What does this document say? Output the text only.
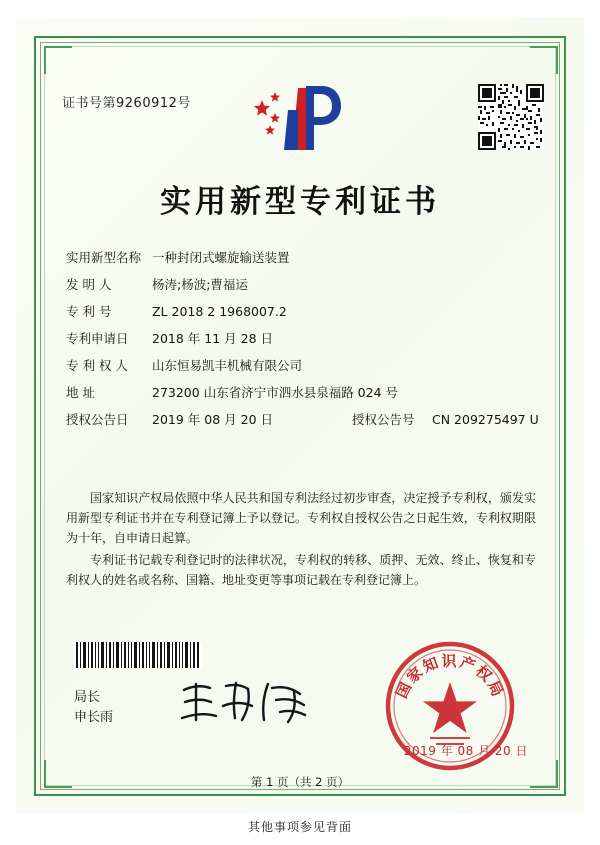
证书号第9260912号
实用新型专利证书
实用新型名称 一种封闭式螺旋输送装置
发 明 人	杨涛;杨波;曹福运
专 利 号	ZL 2018 2 1968007.2
专利申请日	2018 年 11 月 28 日
专 利 权 人	山东恒易凯丰机械有限公司
地 址	273200 山东省济宁市泗水县泉福路 024 号
授权公告日	2019 年 08 月 20 日	授权公告号	CN 209275497 U

国家知识产权局依照中华人民共和国专利法经过初步审查，决定授予专利权，颁发实用新型专利证书并在专利登记簿上予以登记。专利权自授权公告之日起生效，专利权期限为十年，自申请日起算。

专利证书记载专利登记时的法律状况，专利权的转移、质押、无效、终止、恢复和专利权人的姓名或名称、国籍、地址变更等事项记载在专利登记簿上。

局长
申长雨
国家知识产权局
2019 年 08 月 20 日
第 1 页（共 2 页）
其他事项参见背面
